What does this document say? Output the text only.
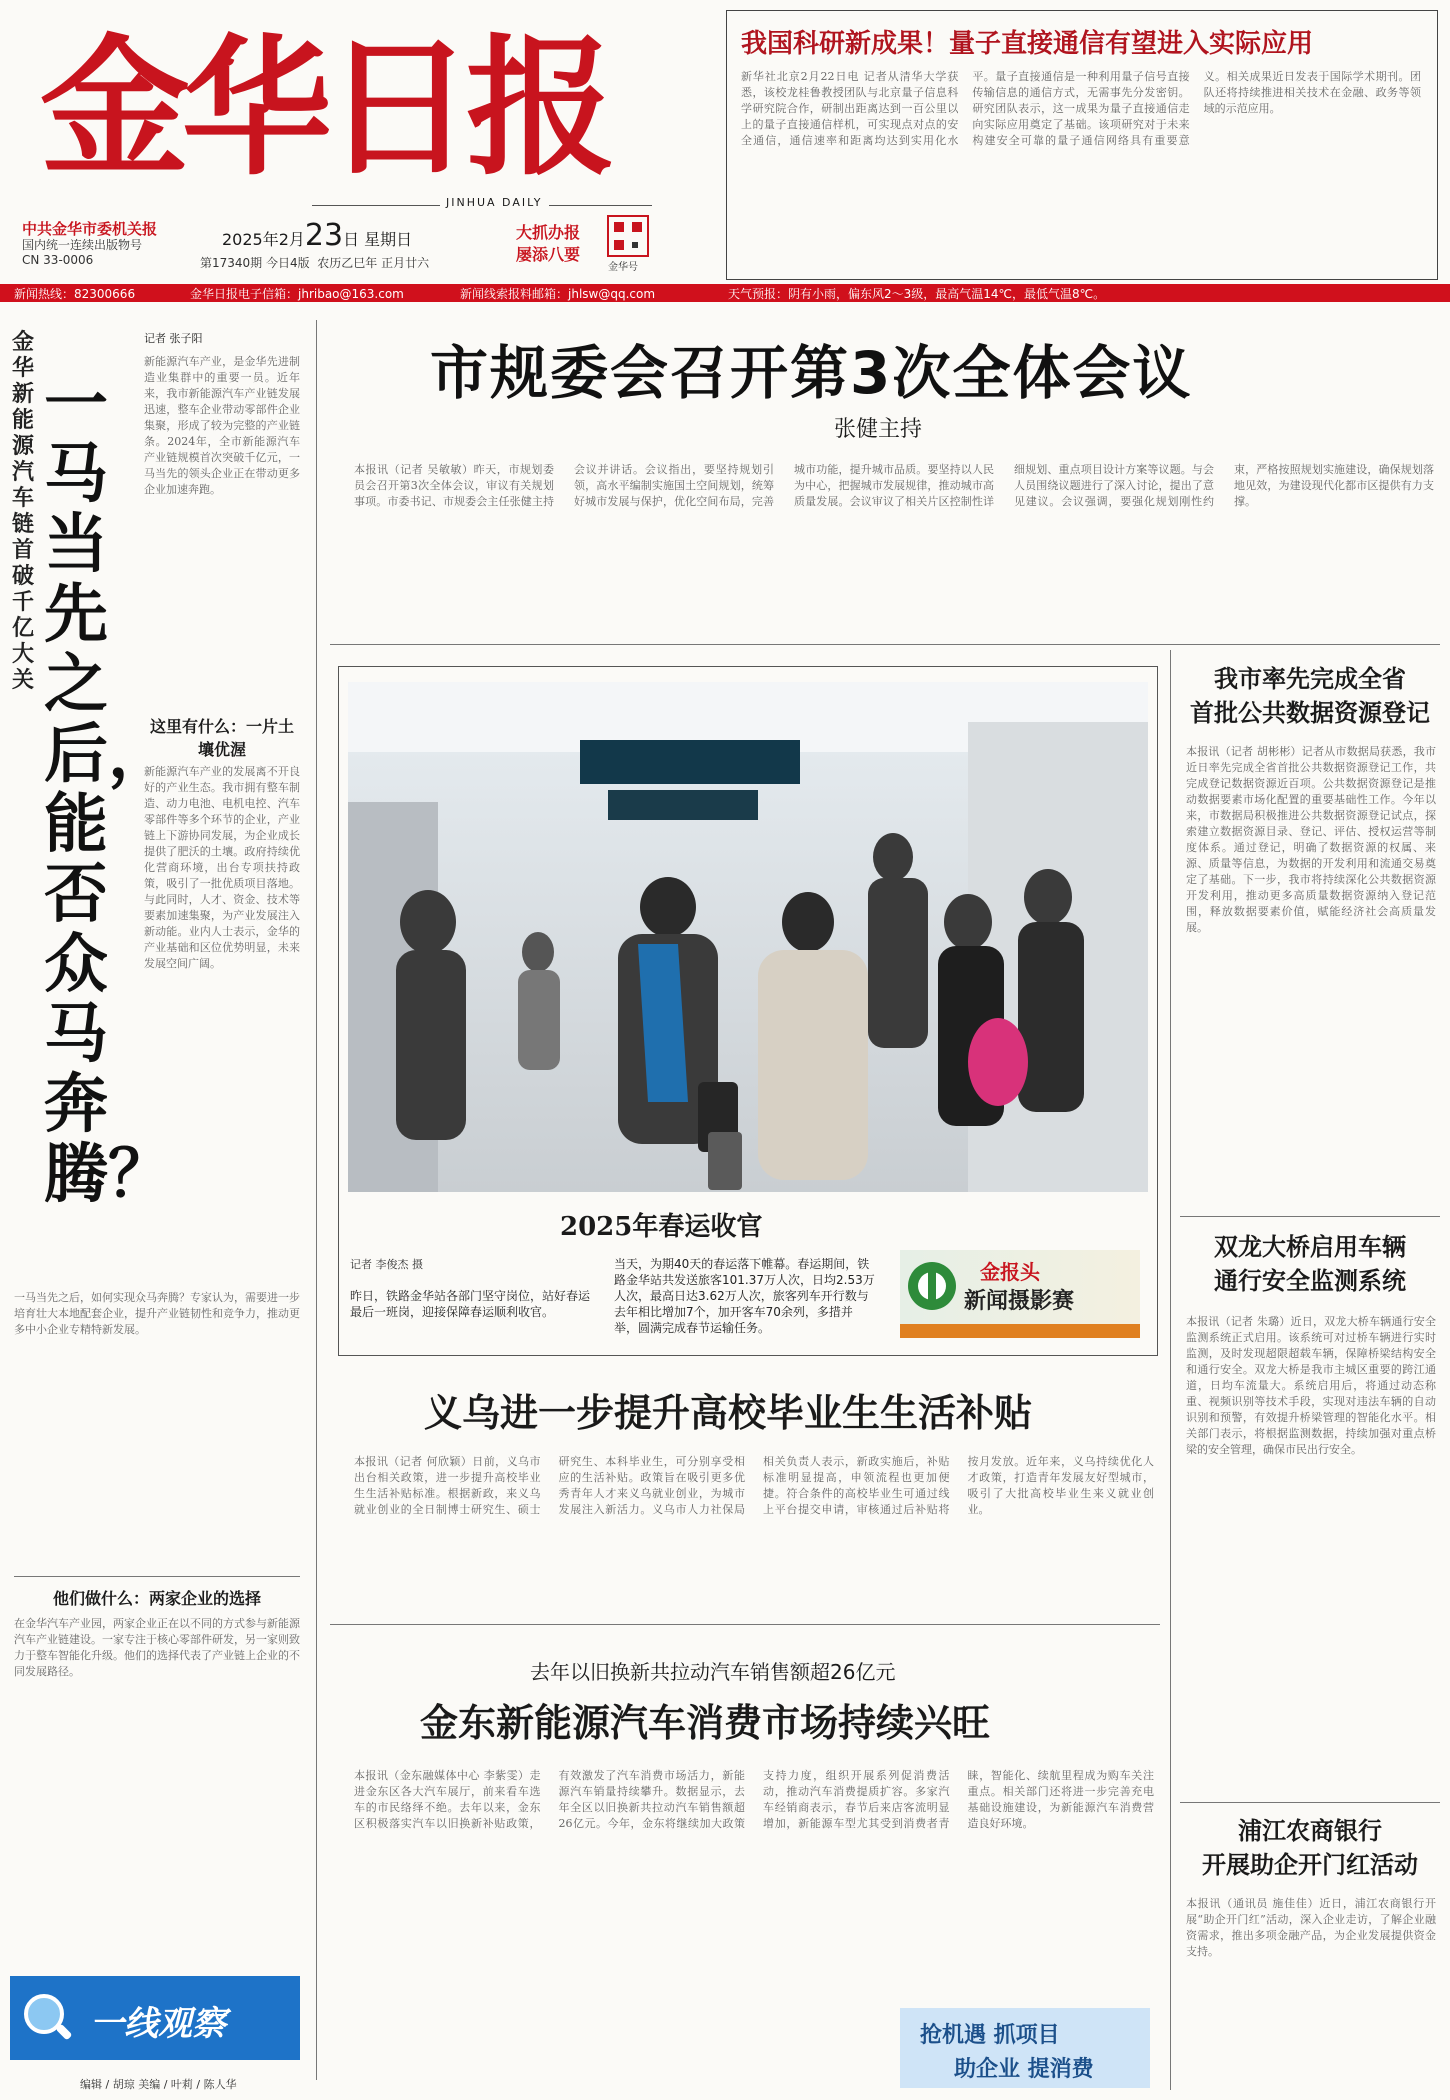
金华日报
JINHUA DAILY
中共金华市委机关报
国内统一连续出版物号
CN 33-0006
2025年2月23日 星期日
第17340期 今日4版 农历乙巳年 正月廿六
大抓办报
屡添八要
金华号
我国科研新成果！量子直接通信有望进入实际应用
新华社北京2月22日电 记者从清华大学获悉，该校龙桂鲁教授团队与北京量子信息科学研究院合作，研制出距离达到一百公里以上的量子直接通信样机，可实现点对点的安全通信，通信速率和距离均达到实用化水平。量子直接通信是一种利用量子信号直接传输信息的通信方式，无需事先分发密钥。研究团队表示，这一成果为量子直接通信走向实际应用奠定了基础。该项研究对于未来构建安全可靠的量子通信网络具有重要意义。相关成果近日发表于国际学术期刊。团队还将持续推进相关技术在金融、政务等领域的示范应用。
新闻热线：82300666	金华日报电子信箱：jhribao@163.com	新闻线索报料邮箱：jhlsw@qq.com	天气预报：阴有小雨，偏东风2～3级，最高气温14℃，最低气温8℃。
金华新能源汽车链首破千亿大关
一马当先之后，能否众马奔腾？
记者 张子阳
新能源汽车产业，是金华先进制造业集群中的重要一员。近年来，我市新能源汽车产业链发展迅速，整车企业带动零部件企业集聚，形成了较为完整的产业链条。2024年，全市新能源汽车产业链规模首次突破千亿元，一马当先的领头企业正在带动更多企业加速奔跑。
这里有什么：一片土壤优渥
新能源汽车产业的发展离不开良好的产业生态。我市拥有整车制造、动力电池、电机电控、汽车零部件等多个环节的企业，产业链上下游协同发展，为企业成长提供了肥沃的土壤。政府持续优化营商环境，出台专项扶持政策，吸引了一批优质项目落地。与此同时，人才、资金、技术等要素加速集聚，为产业发展注入新动能。业内人士表示，金华的产业基础和区位优势明显，未来发展空间广阔。
一马当先之后，如何实现众马奔腾？专家认为，需要进一步培育壮大本地配套企业，提升产业链韧性和竞争力，推动更多中小企业专精特新发展。
他们做什么：两家企业的选择
在金华汽车产业园，两家企业正在以不同的方式参与新能源汽车产业链建设。一家专注于核心零部件研发，另一家则致力于整车智能化升级。他们的选择代表了产业链上企业的不同发展路径。
市规委会召开第3次全体会议
张健主持
本报讯（记者 吴敏敏）昨天，市规划委员会召开第3次全体会议，审议有关规划事项。市委书记、市规委会主任张健主持会议并讲话。会议指出，要坚持规划引领，高水平编制实施国土空间规划，统筹好城市发展与保护，优化空间布局，完善城市功能，提升城市品质。要坚持以人民为中心，把握城市发展规律，推动城市高质量发展。会议审议了相关片区控制性详细规划、重点项目设计方案等议题。与会人员围绕议题进行了深入讨论，提出了意见建议。会议强调，要强化规划刚性约束，严格按照规划实施建设，确保规划落地见效，为建设现代化都市区提供有力支撑。
2025年春运收官
记者 李俊杰 摄
昨日，铁路金华站各部门坚守岗位，站好春运最后一班岗，迎接保障春运顺利收官。
当天，为期40天的春运落下帷幕。春运期间，铁路金华站共发送旅客101.37万人次，日均2.53万人次，最高日达3.62万人次，旅客列车开行数与去年相比增加7个，加开客车70余列，多措并举，圆满完成春节运输任务。
金报头
新闻摄影赛
我市率先完成全省
首批公共数据资源登记
本报讯（记者 胡彬彬）记者从市数据局获悉，我市近日率先完成全省首批公共数据资源登记工作，共完成登记数据资源近百项。公共数据资源登记是推动数据要素市场化配置的重要基础性工作。今年以来，市数据局积极推进公共数据资源登记试点，探索建立数据资源目录、登记、评估、授权运营等制度体系。通过登记，明确了数据资源的权属、来源、质量等信息，为数据的开发利用和流通交易奠定了基础。下一步，我市将持续深化公共数据资源开发利用，推动更多高质量数据资源纳入登记范围，释放数据要素价值，赋能经济社会高质量发展。
双龙大桥启用车辆
通行安全监测系统
本报讯（记者 朱璐）近日，双龙大桥车辆通行安全监测系统正式启用。该系统可对过桥车辆进行实时监测，及时发现超限超载车辆，保障桥梁结构安全和通行安全。双龙大桥是我市主城区重要的跨江通道，日均车流量大。系统启用后，将通过动态称重、视频识别等技术手段，实现对违法车辆的自动识别和预警，有效提升桥梁管理的智能化水平。相关部门表示，将根据监测数据，持续加强对重点桥梁的安全管理，确保市民出行安全。
浦江农商银行
开展助企开门红活动
本报讯（通讯员 施佳佳）近日，浦江农商银行开展“助企开门红”活动，深入企业走访，了解企业融资需求，推出多项金融产品，为企业发展提供资金支持。
义乌进一步提升高校毕业生生活补贴
本报讯（记者 何欣颖）日前，义乌市出台相关政策，进一步提升高校毕业生生活补贴标准。根据新政，来义乌就业创业的全日制博士研究生、硕士研究生、本科毕业生，可分别享受相应的生活补贴。政策旨在吸引更多优秀青年人才来义乌就业创业，为城市发展注入新活力。义乌市人力社保局相关负责人表示，新政实施后，补贴标准明显提高，申领流程也更加便捷。符合条件的高校毕业生可通过线上平台提交申请，审核通过后补贴将按月发放。近年来，义乌持续优化人才政策，打造青年发展友好型城市，吸引了大批高校毕业生来义就业创业。
去年以旧换新共拉动汽车销售额超26亿元
金东新能源汽车消费市场持续兴旺
本报讯（金东融媒体中心 李紫雯）走进金东区各大汽车展厅，前来看车选车的市民络绎不绝。去年以来，金东区积极落实汽车以旧换新补贴政策，有效激发了汽车消费市场活力，新能源汽车销量持续攀升。数据显示，去年全区以旧换新共拉动汽车销售额超26亿元。今年，金东将继续加大政策支持力度，组织开展系列促消费活动，推动汽车消费提质扩容。多家汽车经销商表示，春节后来店客流明显增加，新能源车型尤其受到消费者青睐，智能化、续航里程成为购车关注重点。相关部门还将进一步完善充电基础设施建设，为新能源汽车消费营造良好环境。
一线观察	抢机遇 抓项目
助企业 提消费
编辑 / 胡琼 美编 / 叶莉 / 陈人华
